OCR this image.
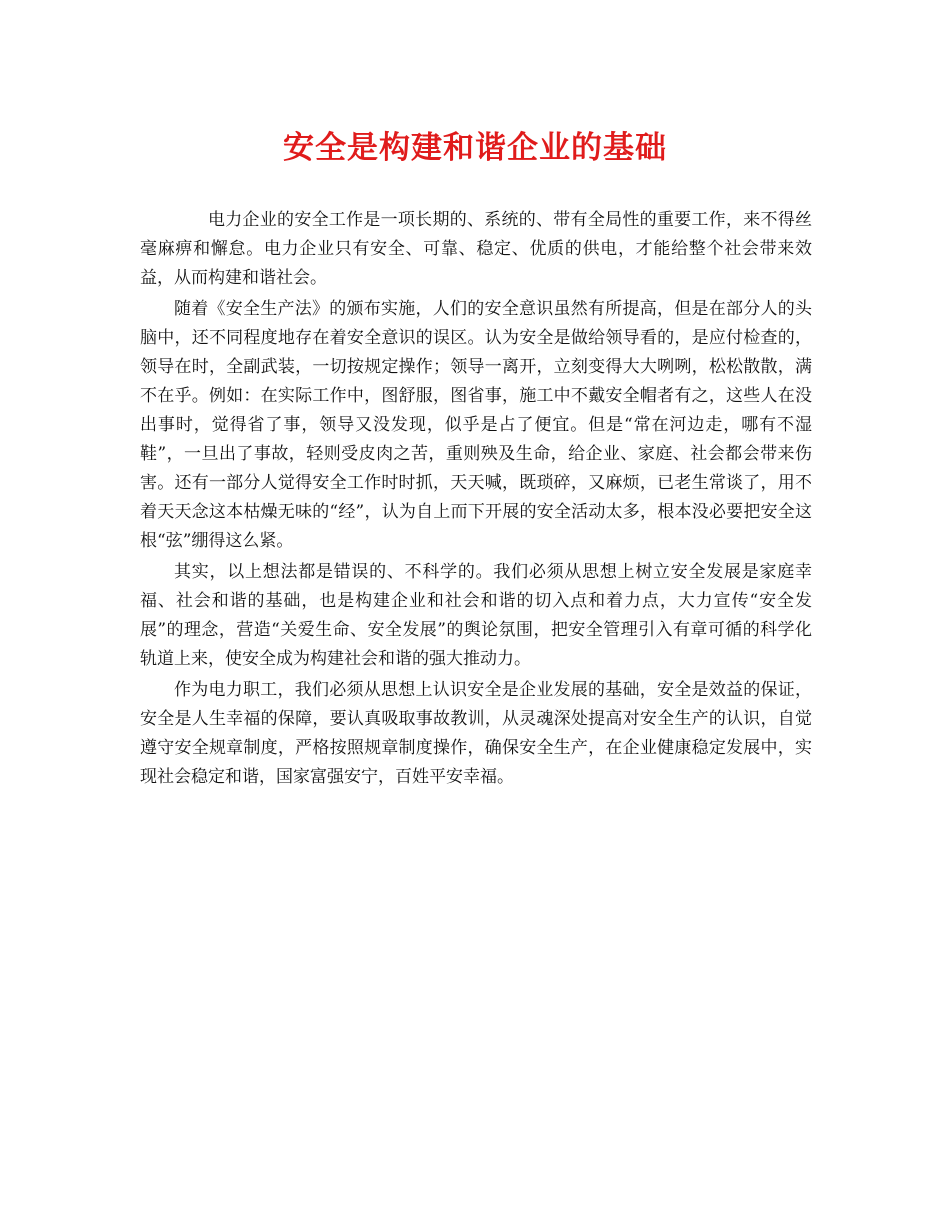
安全是构建和谐企业的基础

电力企业的安全工作是一项长期的、系统的、带有全局性的重要工作，来不得丝毫麻痹和懈怠。电力企业只有安全、可靠、稳定、优质的供电，才能给整个社会带来效益，从而构建和谐社会。

随着《安全生产法》的颁布实施，人们的安全意识虽然有所提高，但是在部分人的头脑中，还不同程度地存在着安全意识的误区。认为安全是做给领导看的，是应付检查的，领导在时，全副武装，一切按规定操作；领导一离开，立刻变得大大咧咧，松松散散，满不在乎。例如：在实际工作中，图舒服，图省事，施工中不戴安全帽者有之，这些人在没出事时，觉得省了事，领导又没发现，似乎是占了便宜。但是“常在河边走，哪有不湿鞋”，一旦出了事故，轻则受皮肉之苦，重则殃及生命，给企业、家庭、社会都会带来伤害。还有一部分人觉得安全工作时时抓，天天喊，既琐碎，又麻烦，已老生常谈了，用不着天天念这本枯燥无味的“经”，认为自上而下开展的安全活动太多，根本没必要把安全这根“弦”绷得这么紧。

其实，以上想法都是错误的、不科学的。我们必须从思想上树立安全发展是家庭幸福、社会和谐的基础，也是构建企业和社会和谐的切入点和着力点，大力宣传“安全发展”的理念，营造“关爱生命、安全发展”的舆论氛围，把安全管理引入有章可循的科学化轨道上来，使安全成为构建社会和谐的强大推动力。

作为电力职工，我们必须从思想上认识安全是企业发展的基础，安全是效益的保证，安全是人生幸福的保障，要认真吸取事故教训，从灵魂深处提高对安全生产的认识，自觉遵守安全规章制度，严格按照规章制度操作，确保安全生产，在企业健康稳定发展中，实现社会稳定和谐，国家富强安宁，百姓平安幸福。
